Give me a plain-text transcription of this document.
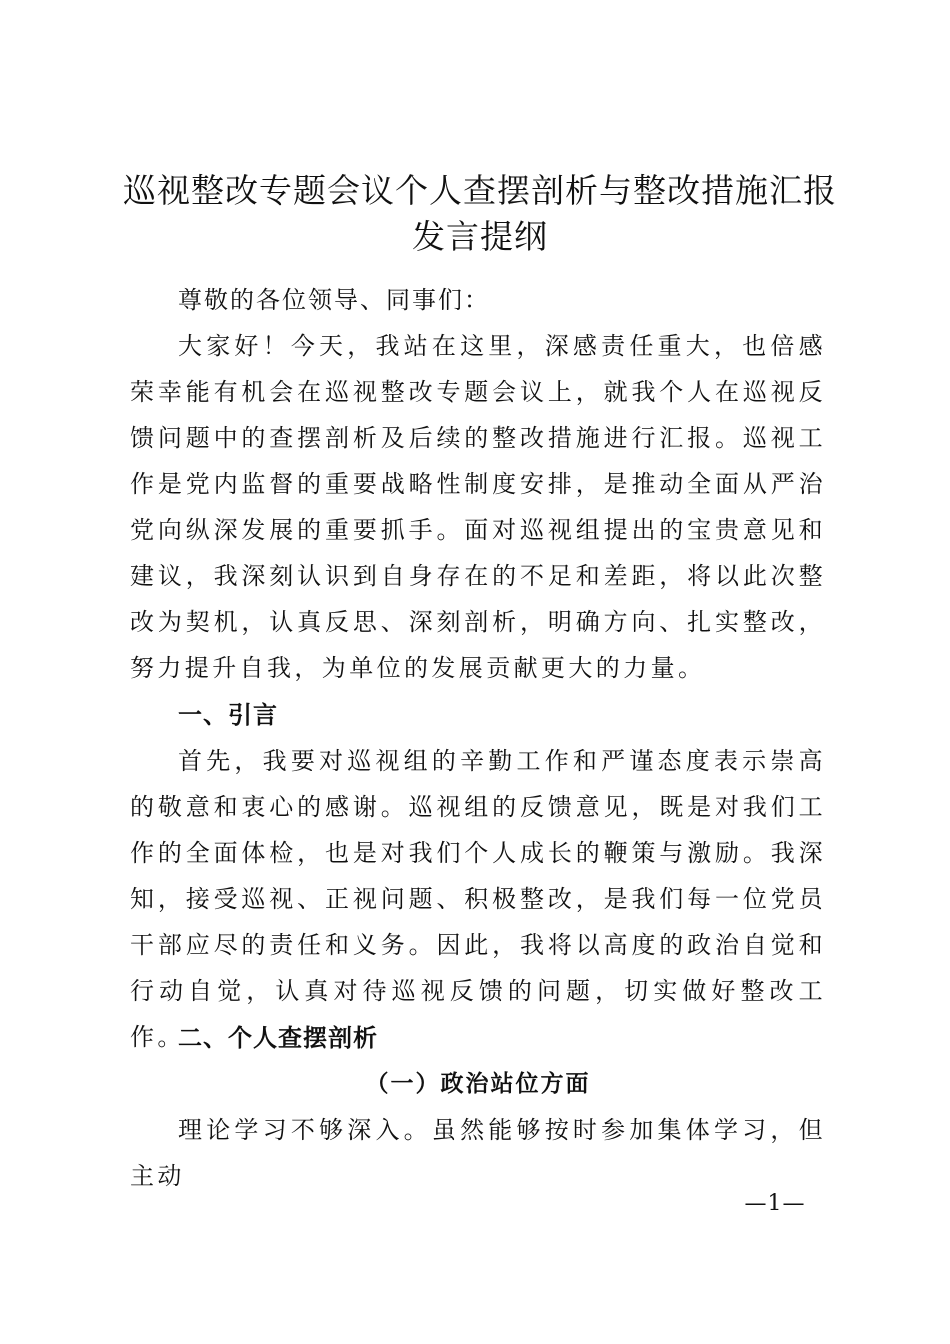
巡视整改专题会议个人查摆剖析与整改措施汇报发言提纲

尊敬的各位领导、同事们：

大家好！今天，我站在这里，深感责任重大，也倍感荣幸能有机会在巡视整改专题会议上，就我个人在巡视反馈问题中的查摆剖析及后续的整改措施进行汇报。巡视工作是党内监督的重要战略性制度安排，是推动全面从严治党向纵深发展的重要抓手。面对巡视组提出的宝贵意见和建议，我深刻认识到自身存在的不足和差距，将以此次整改为契机，认真反思、深刻剖析，明确方向、扎实整改，努力提升自我，为单位的发展贡献更大的力量。

一、引言

首先，我要对巡视组的辛勤工作和严谨态度表示崇高的敬意和衷心的感谢。巡视组的反馈意见，既是对我们工作的全面体检，也是对我们个人成长的鞭策与激励。我深知，接受巡视、正视问题、积极整改，是我们每一位党员干部应尽的责任和义务。因此，我将以高度的政治自觉和行动自觉，认真对待巡视反馈的问题，切实做好整改工作。

二、个人查摆剖析

（一）政治站位方面

理论学习不够深入。虽然能够按时参加集体学习，但主动

—1—
